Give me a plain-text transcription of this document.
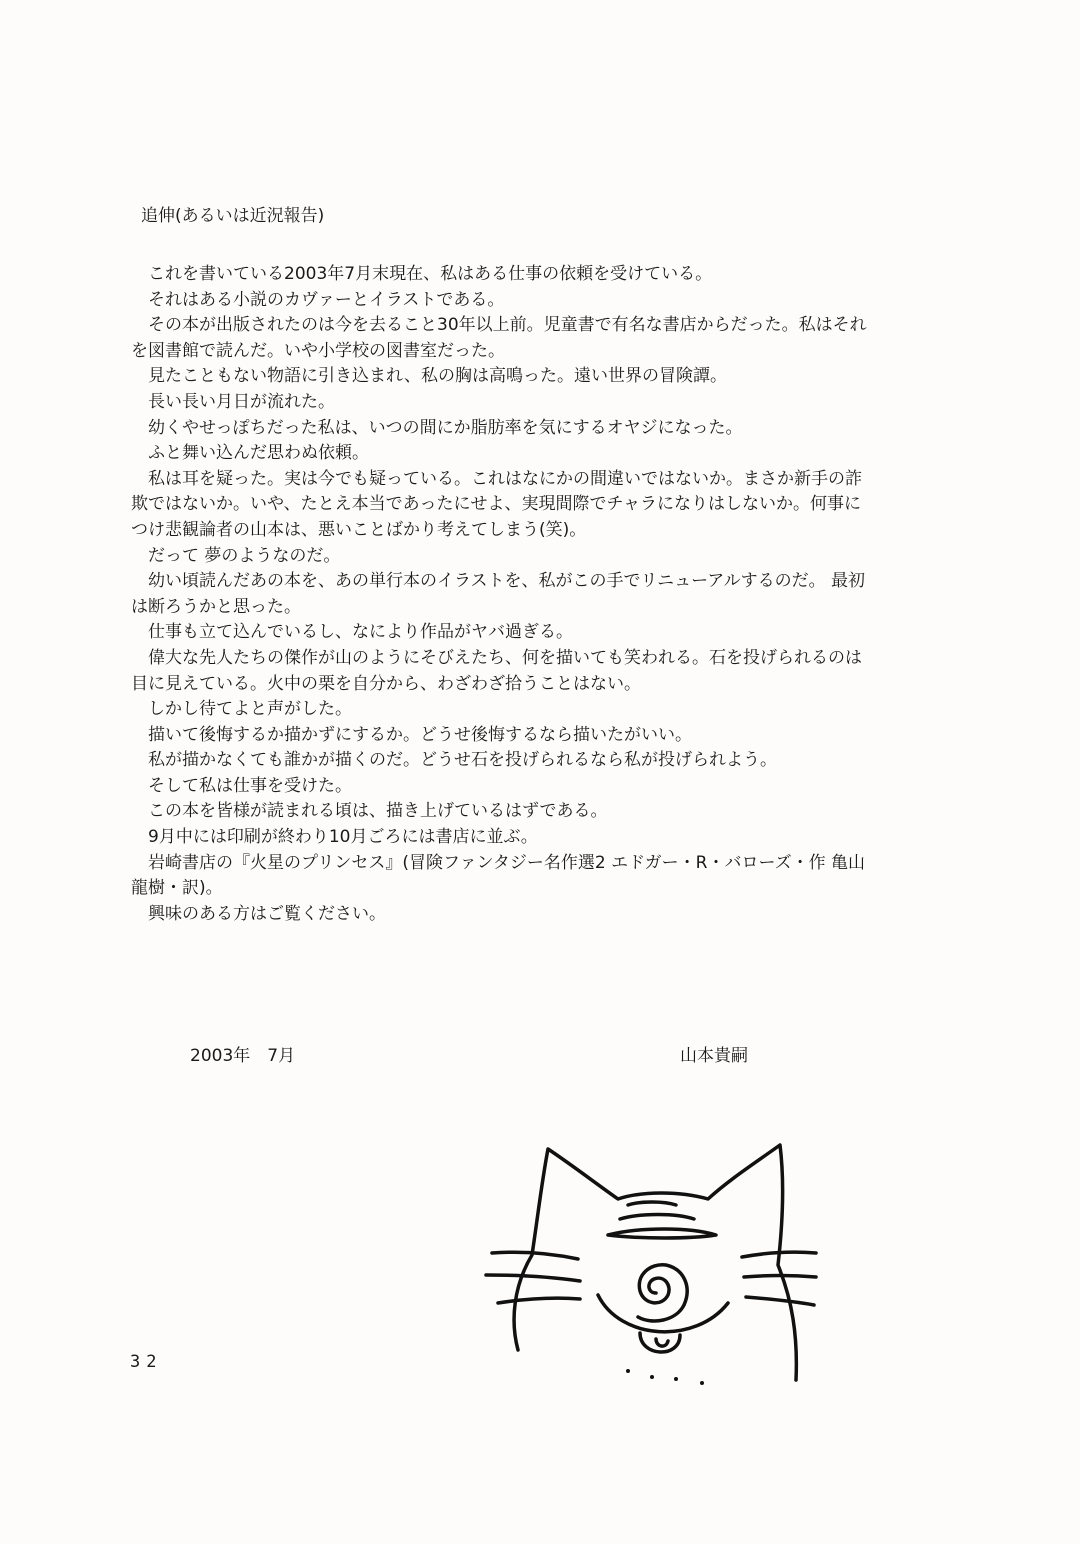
追伸(あるいは近況報告)

これを書いている2003年7月末現在、私はある仕事の依頼を受けている。

それはある小説のカヴァーとイラストである。

その本が出版されたのは今を去ること30年以上前。児童書で有名な書店からだった。私はそれを図書館で読んだ。いや小学校の図書室だった。

見たこともない物語に引き込まれ、私の胸は高鳴った。遠い世界の冒険譚。

長い長い月日が流れた。

幼くやせっぽちだった私は、いつの間にか脂肪率を気にするオヤジになった。

ふと舞い込んだ思わぬ依頼。

私は耳を疑った。実は今でも疑っている。これはなにかの間違いではないか。まさか新手の詐欺ではないか。いや、たとえ本当であったにせよ、実現間際でチャラになりはしないか。何事につけ悲観論者の山本は、悪いことばかり考えてしまう(笑)。

だって 夢のようなのだ。

幼い頃読んだあの本を、あの単行本のイラストを、私がこの手でリニューアルするのだ。 最初は断ろうかと思った。

仕事も立て込んでいるし、なにより作品がヤバ過ぎる。

偉大な先人たちの傑作が山のようにそびえたち、何を描いても笑われる。石を投げられるのは目に見えている。火中の栗を自分から、わざわざ拾うことはない。

しかし待てよと声がした。

描いて後悔するか描かずにするか。どうせ後悔するなら描いたがいい。

私が描かなくても誰かが描くのだ。どうせ石を投げられるなら私が投げられよう。

そして私は仕事を受けた。

この本を皆様が読まれる頃は、描き上げているはずである。

9月中には印刷が終わり10月ごろには書店に並ぶ。

岩崎書店の『火星のプリンセス』(冒険ファンタジー名作選2 エドガー・R・バローズ・作 亀山龍樹・訳)。

興味のある方はご覧ください。

2003年　7月	山本貴嗣
32
